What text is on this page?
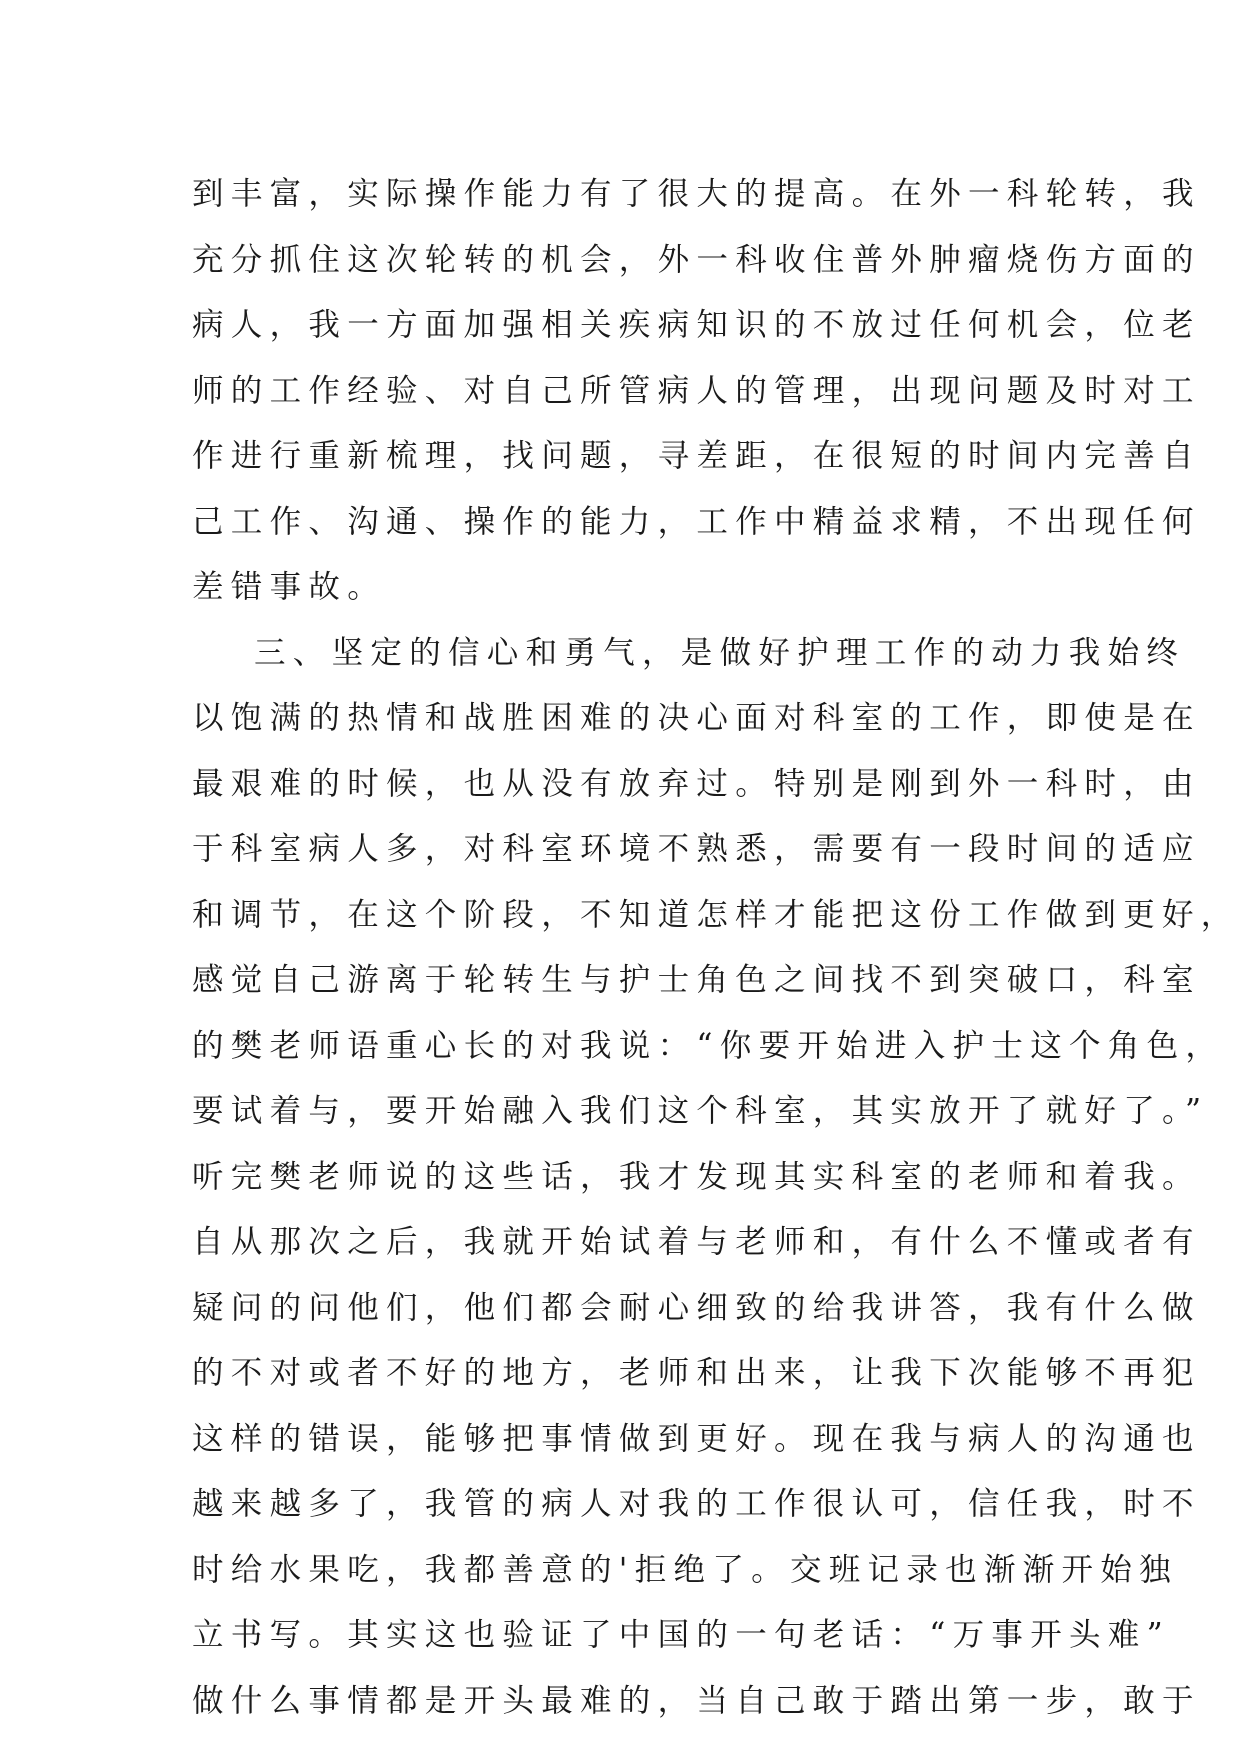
到丰富，实际操作能力有了很大的提高。在外一科轮转，我
充分抓住这次轮转的机会，外一科收住普外肿瘤烧伤方面的
病人，我一方面加强相关疾病知识的不放过任何机会，位老
师的工作经验、对自己所管病人的管理，出现问题及时对工
作进行重新梳理，找问题，寻差距，在很短的时间内完善自
己工作、沟通、操作的能力，工作中精益求精，不出现任何
差错事故。
三、坚定的信心和勇气，是做好护理工作的动力我始终
以饱满的热情和战胜困难的决心面对科室的工作，即使是在
最艰难的时候，也从没有放弃过。特别是刚到外一科时，由
于科室病人多，对科室环境不熟悉，需要有一段时间的适应
和调节，在这个阶段，不知道怎样才能把这份工作做到更好，
感觉自己游离于轮转生与护士角色之间找不到突破口，科室
的樊老师语重心长的对我说：“你要开始进入护士这个角色，
要试着与，要开始融入我们这个科室，其实放开了就好了。”
听完樊老师说的这些话，我才发现其实科室的老师和着我。
自从那次之后，我就开始试着与老师和，有什么不懂或者有
疑问的问他们，他们都会耐心细致的给我讲答，我有什么做
的不对或者不好的地方，老师和出来，让我下次能够不再犯
这样的错误，能够把事情做到更好。现在我与病人的沟通也
越来越多了，我管的病人对我的工作很认可，信任我，时不
时给水果吃，我都善意的'拒绝了。交班记录也渐渐开始独
立书写。其实这也验证了中国的一句老话：“万事开头难”
做什么事情都是开头最难的，当自己敢于踏出第一步，敢于
